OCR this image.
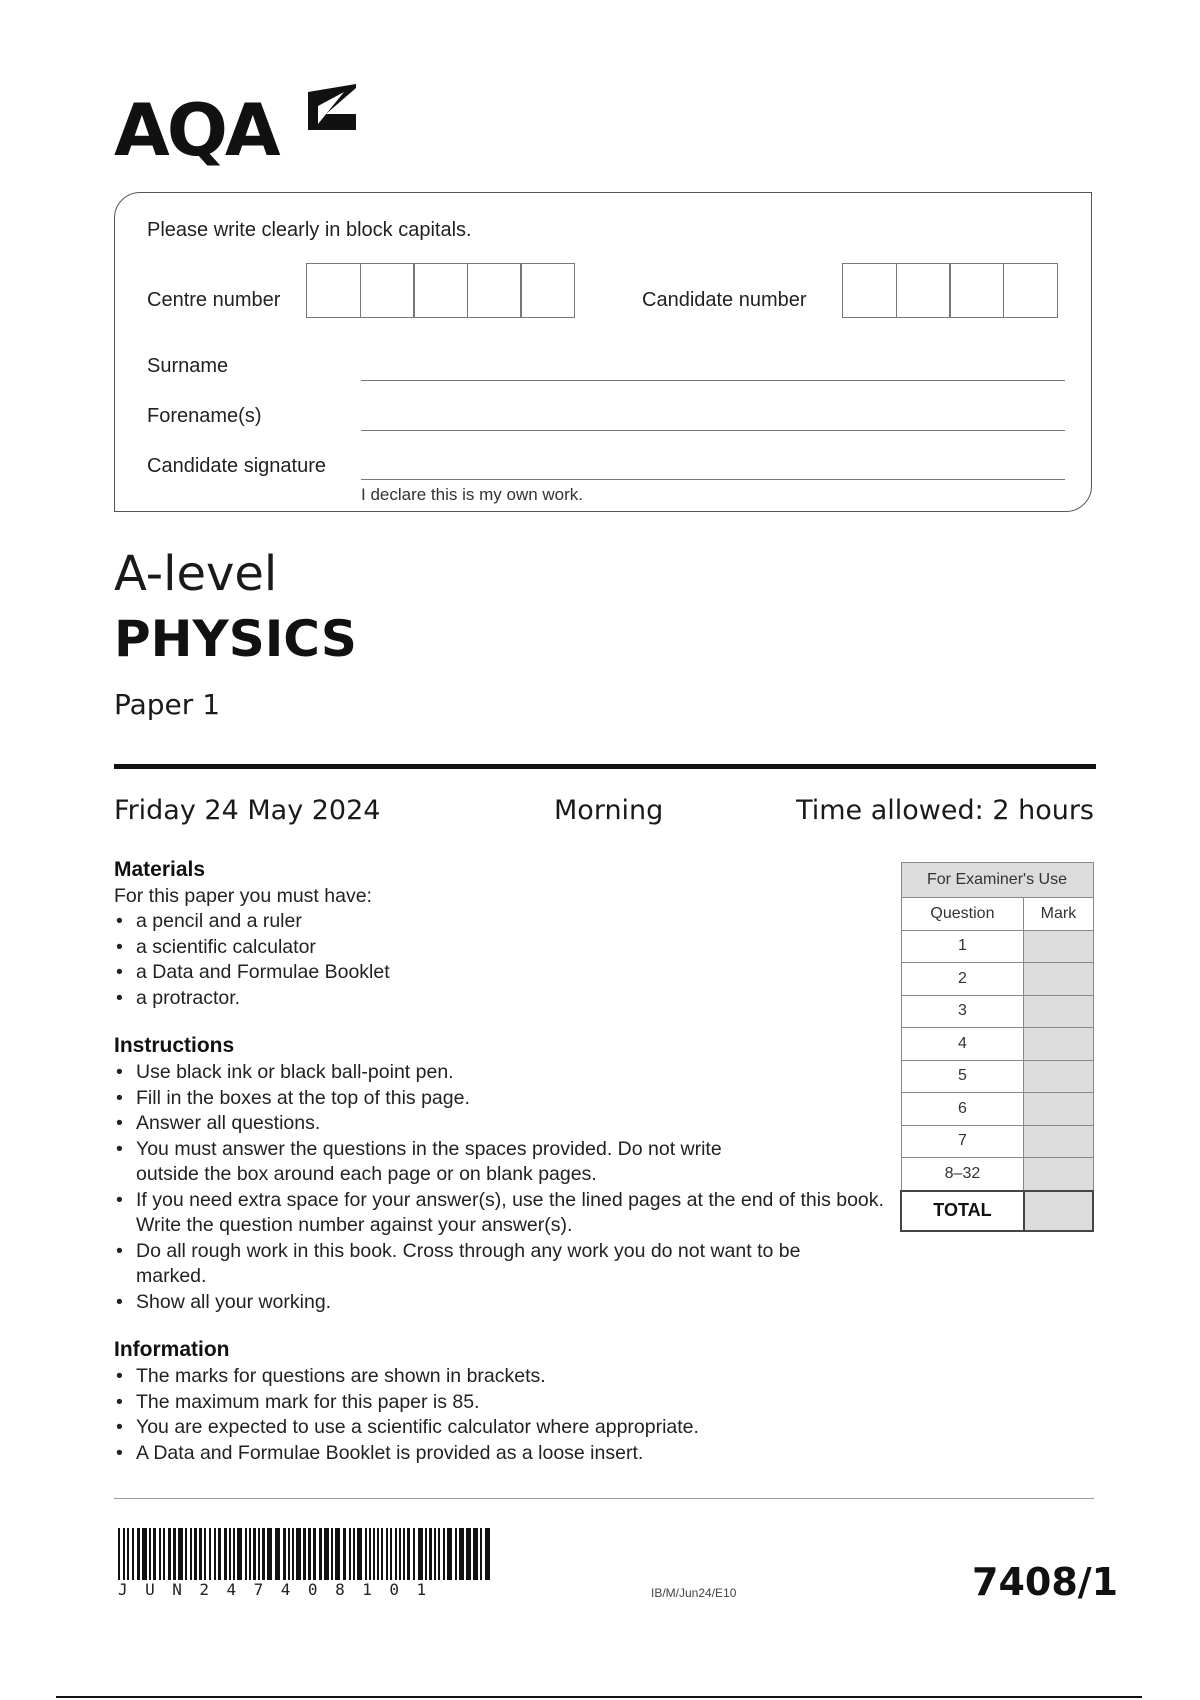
AQA
Please write clearly in block capitals.
Centre number	Candidate number
Surname
Forename(s)
Candidate signature
I declare this is my own work.
A-level
PHYSICS
Paper 1
Friday 24 May 2024	Morning	Time allowed: 2 hours
Materials
For this paper you must have:
• a pencil and a ruler
• a scientific calculator
• a Data and Formulae Booklet
• a protractor.
Instructions
• Use black ink or black ball-point pen.
• Fill in the boxes at the top of this page.
• Answer all questions.
• You must answer the questions in the spaces provided. Do not write outside the box around each page or on blank pages.
• If you need extra space for your answer(s), use the lined pages at the end of this book. Write the question number against your answer(s).
• Do all rough work in this book. Cross through any work you do not want to be marked.
• Show all your working.
Information
• The marks for questions are shown in brackets.
• The maximum mark for this paper is 85.
• You are expected to use a scientific calculator where appropriate.
• A Data and Formulae Booklet is provided as a loose insert.
For Examiner's Use	
Question	Mark
1	
2	
3	
4	
5	
6	
7	
8–32	
TOTAL	
JUN247408101	IB/M/Jun24/E10	7408/1
